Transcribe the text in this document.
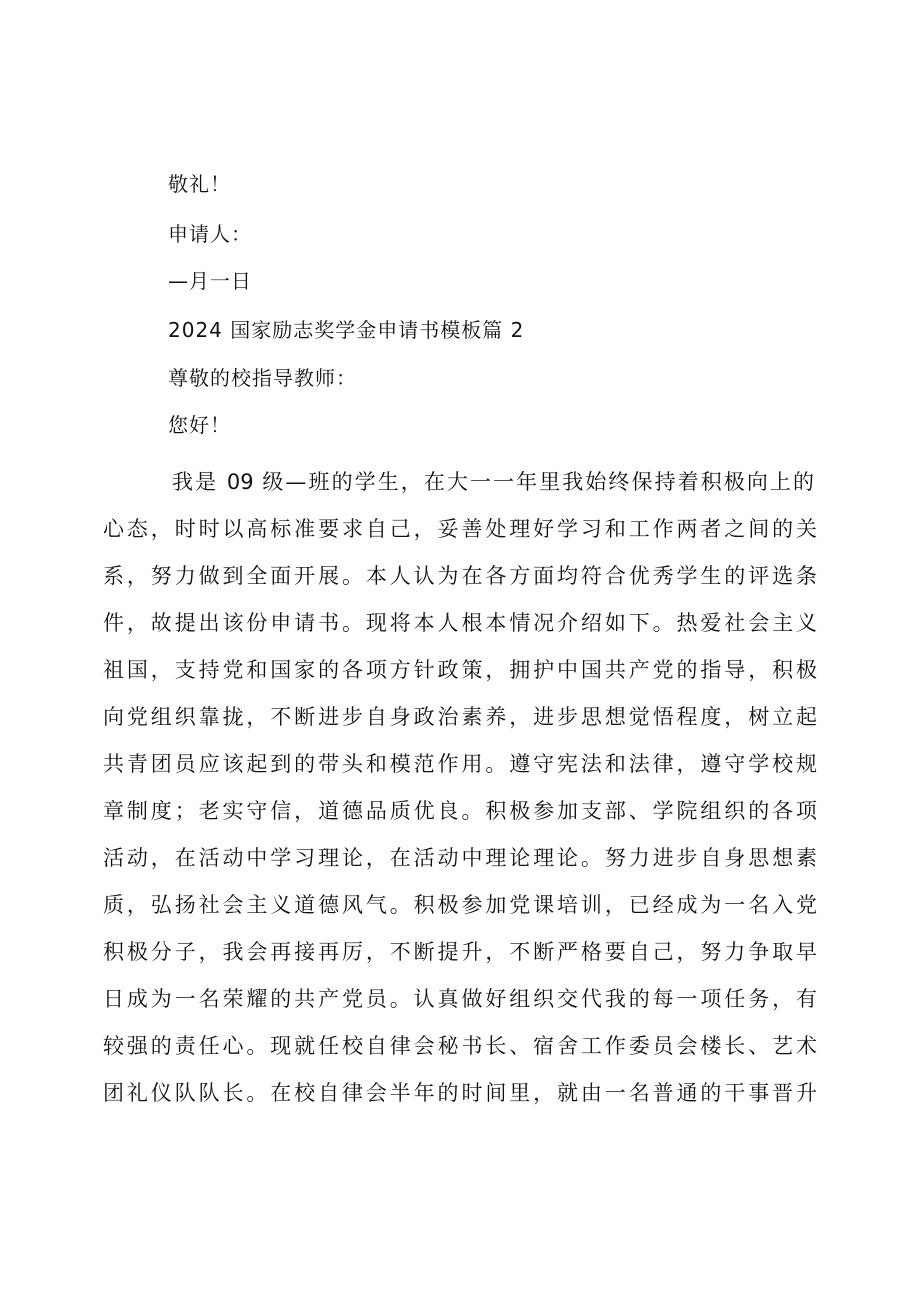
敬礼！
申请人：
—月一日
2024 国家励志奖学金申请书模板篇 2
尊敬的校指导教师：
您好！
我是 09 级—班的学生，在大一一年里我始终保持着积极向上的
心态，时时以高标准要求自己，妥善处理好学习和工作两者之间的关
系，努力做到全面开展。本人认为在各方面均符合优秀学生的评选条
件，故提出该份申请书。现将本人根本情况介绍如下。热爱社会主义
祖国，支持党和国家的各项方针政策，拥护中国共产党的指导，积极
向党组织靠拢，不断进步自身政治素养，进步思想觉悟程度，树立起
共青团员应该起到的带头和模范作用。遵守宪法和法律，遵守学校规
章制度；老实守信，道德品质优良。积极参加支部、学院组织的各项
活动，在活动中学习理论，在活动中理论理论。努力进步自身思想素
质，弘扬社会主义道德风气。积极参加党课培训，已经成为一名入党
积极分子，我会再接再厉，不断提升，不断严格要自己，努力争取早
日成为一名荣耀的共产党员。认真做好组织交代我的每一项任务，有
较强的责任心。现就任校自律会秘书长、宿舍工作委员会楼长、艺术
团礼仪队队长。在校自律会半年的时间里，就由一名普通的干事晋升
